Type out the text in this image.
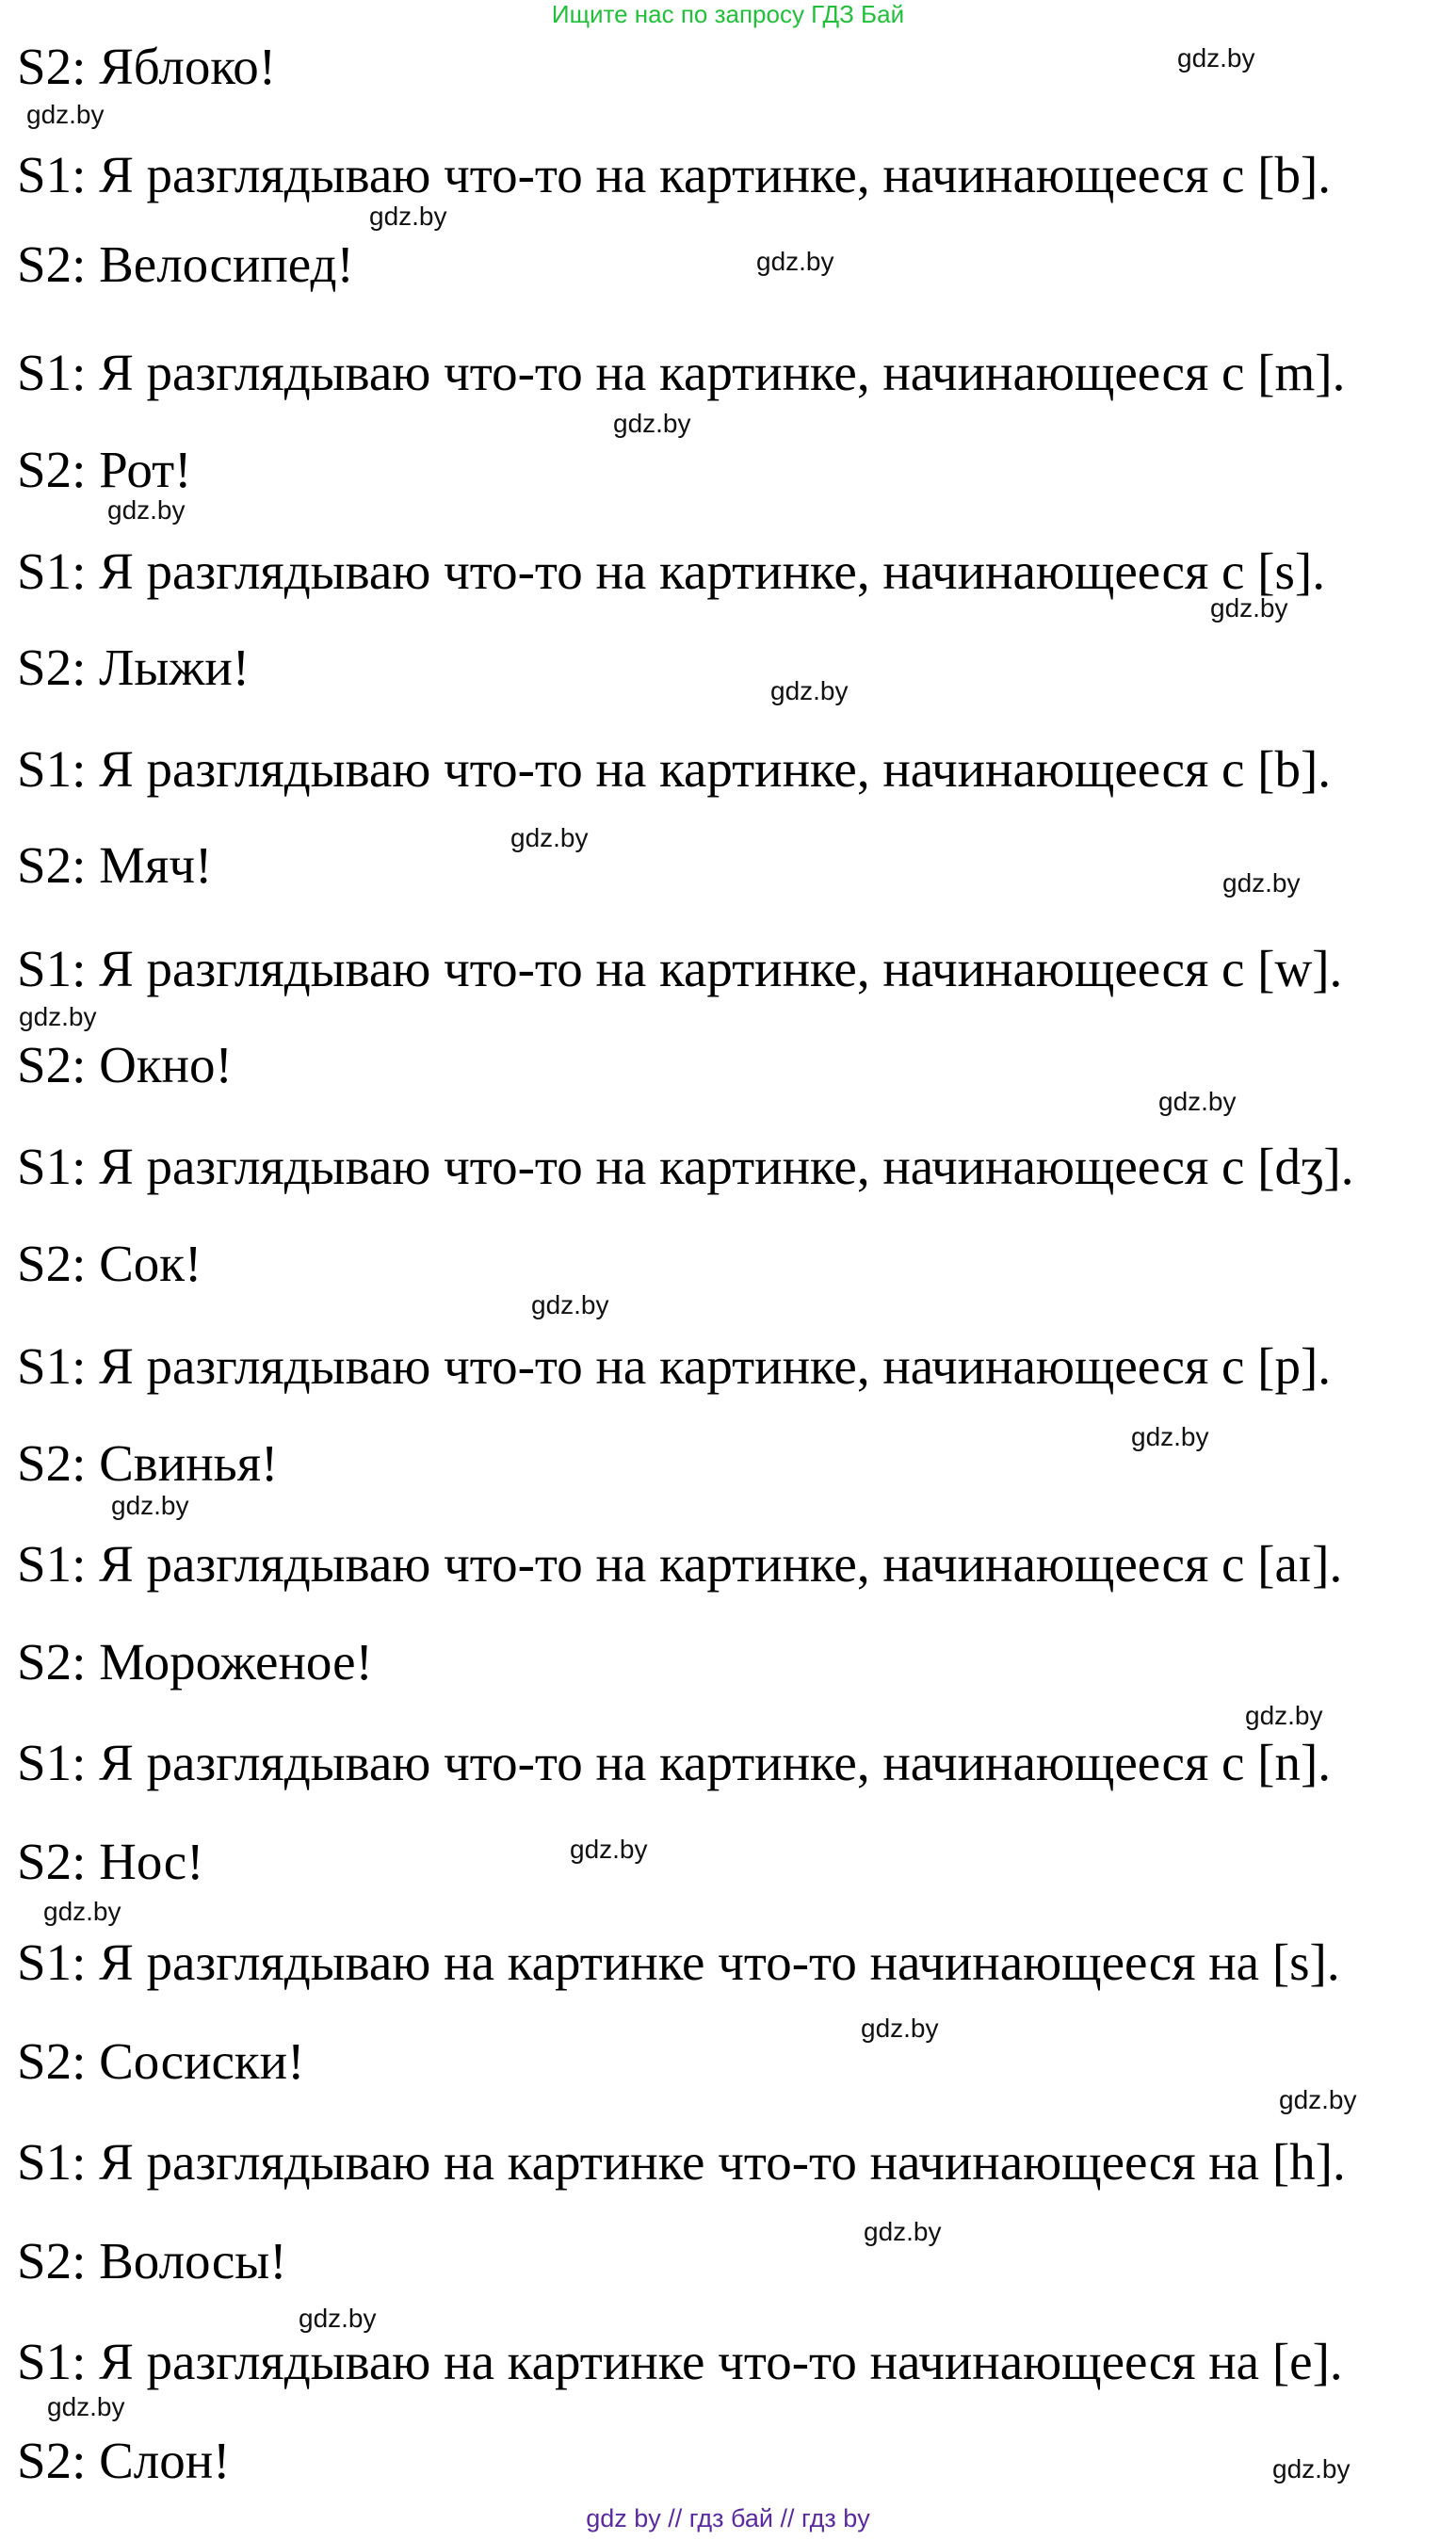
Ищите нас по запросу ГДЗ Бай
S2: Яблоко!
S1: Я разглядываю что-то на картинке, начинающееся с [b].
S2: Велосипед!
S1: Я разглядываю что-то на картинке, начинающееся с [m].
S2: Рот!
S1: Я разглядываю что-то на картинке, начинающееся с [s].
S2: Лыжи!
S1: Я разглядываю что-то на картинке, начинающееся с [b].
S2: Мяч!
S1: Я разглядываю что-то на картинке, начинающееся с [w].
S2: Окно!
S1: Я разглядываю что-то на картинке, начинающееся с [dʒ].
S2: Сок!
S1: Я разглядываю что-то на картинке, начинающееся с [p].
S2: Свинья!
S1: Я разглядываю что-то на картинке, начинающееся с [aɪ].
S2: Мороженое!
S1: Я разглядываю что-то на картинке, начинающееся с [n].
S2: Нос!
S1: Я разглядываю на картинке что-то начинающееся на [s].
S2: Сосиски!
S1: Я разглядываю на картинке что-то начинающееся на [h].
S2: Волосы!
S1: Я разглядываю на картинке что-то начинающееся на [e].
S2: Слон!
gdz.by
gdz.by
gdz.by
gdz.by
gdz.by
gdz.by
gdz.by
gdz.by
gdz.by
gdz.by
gdz.by
gdz.by
gdz.by
gdz.by
gdz.by
gdz.by
gdz.by
gdz.by
gdz.by
gdz.by
gdz.by
gdz.by
gdz.by
gdz.by
gdz by // гдз бай // гдз by
